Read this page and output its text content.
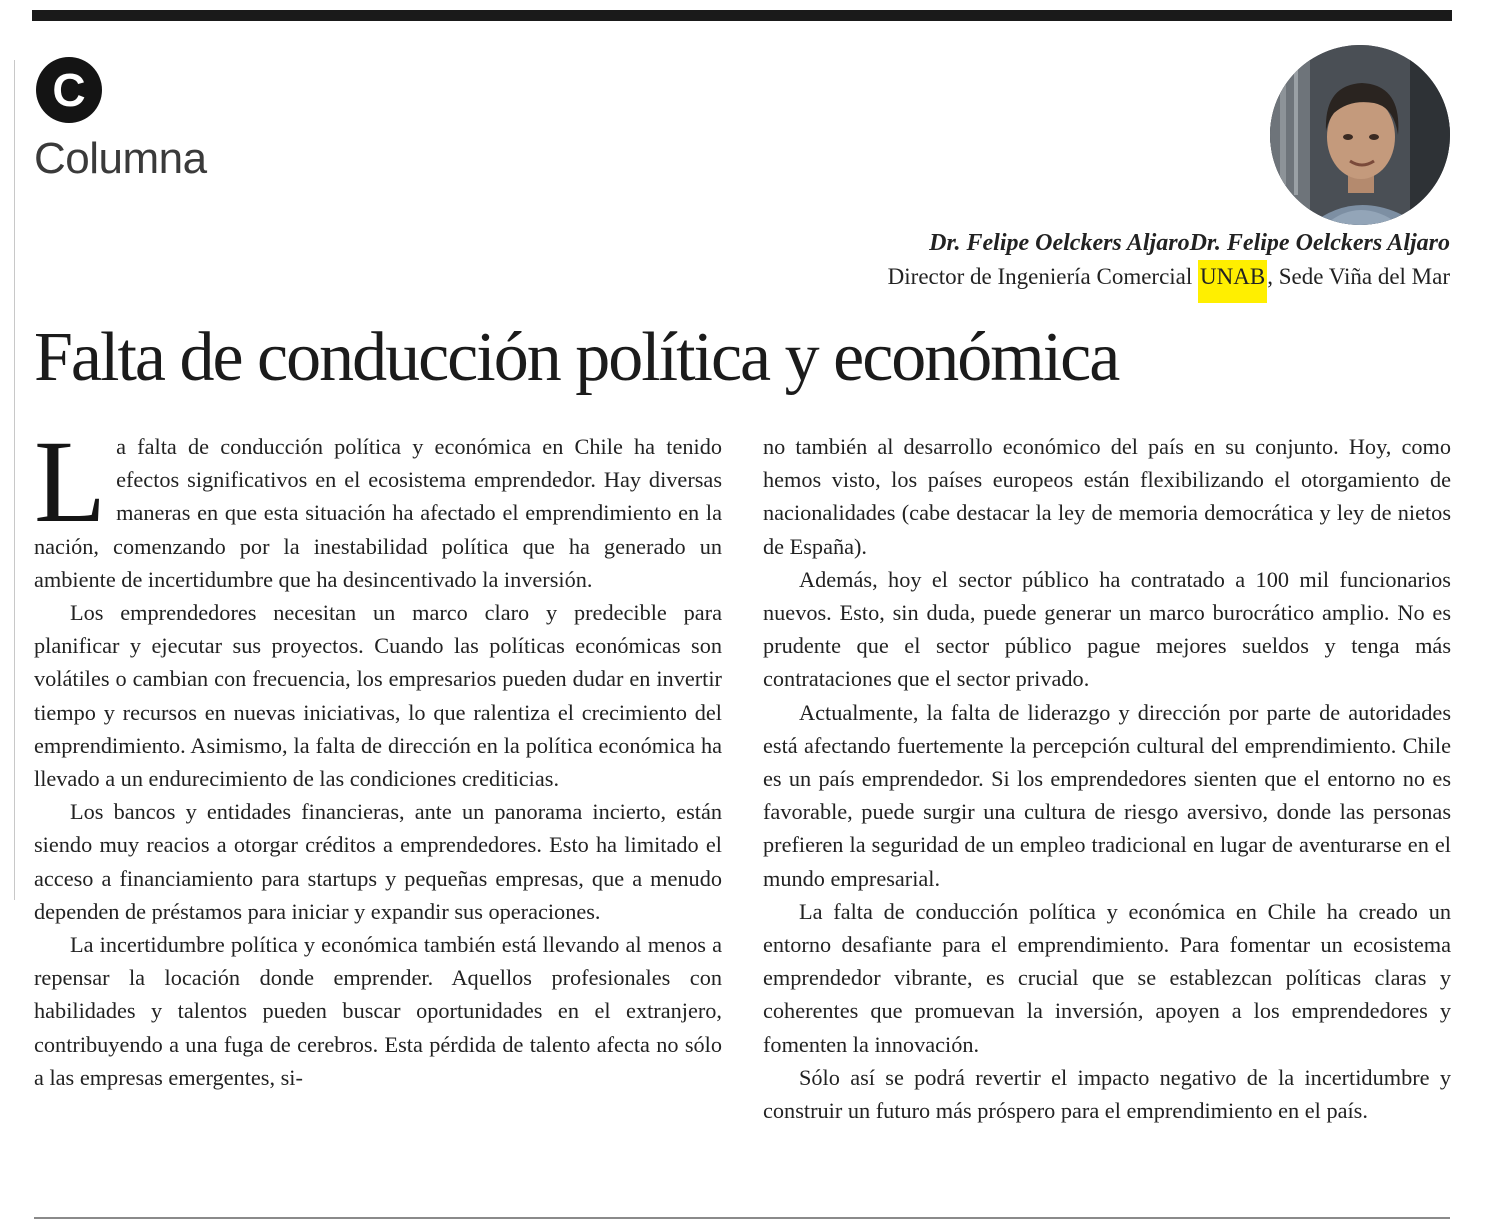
C
Columna
Dr. Felipe Oelckers AljaroDr. Felipe Oelckers Aljaro
Director de Ingeniería Comercial UNAB, Sede Viña del Mar
Falta de conducción política y económica

La falta de conducción política y económica en Chile ha tenido efectos significativos en el ecosistema emprendedor. Hay diversas maneras en que esta situación ha afectado el emprendimiento en la nación, comenzando por la inestabilidad política que ha generado un ambiente de incertidumbre que ha desincentivado la inversión.

Los emprendedores necesitan un marco claro y predecible para planificar y ejecutar sus proyectos. Cuando las políticas económicas son volátiles o cambian con frecuencia, los empresarios pueden dudar en invertir tiempo y recursos en nuevas iniciativas, lo que ralentiza el crecimiento del emprendimiento. Asimismo, la falta de dirección en la política económica ha llevado a un endurecimiento de las condiciones crediticias.

Los bancos y entidades financieras, ante un panorama incierto, están siendo muy reacios a otorgar créditos a emprendedores. Esto ha limitado el acceso a financiamiento para startups y pequeñas empresas, que a menudo dependen de préstamos para iniciar y expandir sus operaciones.

La incertidumbre política y económica también está llevando al menos a repensar la locación donde emprender. Aquellos profesionales con habilidades y talentos pueden buscar oportunidades en el extranjero, contribuyendo a una fuga de cerebros. Esta pérdida de talento afecta no sólo a las empresas emergentes, si-

no también al desarrollo económico del país en su conjunto. Hoy, como hemos visto, los países europeos están flexibilizando el otorgamiento de nacionalidades (cabe destacar la ley de memoria democrática y ley de nietos de España).

Además, hoy el sector público ha contratado a 100 mil funcionarios nuevos. Esto, sin duda, puede generar un marco burocrático amplio. No es prudente que el sector público pague mejores sueldos y tenga más contrataciones que el sector privado.

Actualmente, la falta de liderazgo y dirección por parte de autoridades está afectando fuertemente la percepción cultural del emprendimiento. Chile es un país emprendedor. Si los emprendedores sienten que el entorno no es favorable, puede surgir una cultura de riesgo aversivo, donde las personas prefieren la seguridad de un empleo tradicional en lugar de aventurarse en el mundo empresarial.

La falta de conducción política y económica en Chile ha creado un entorno desafiante para el emprendimiento. Para fomentar un ecosistema emprendedor vibrante, es crucial que se establezcan políticas claras y coherentes que promuevan la inversión, apoyen a los emprendedores y fomenten la innovación.

Sólo así se podrá revertir el impacto negativo de la incertidumbre y construir un futuro más próspero para el emprendimiento en el país.
